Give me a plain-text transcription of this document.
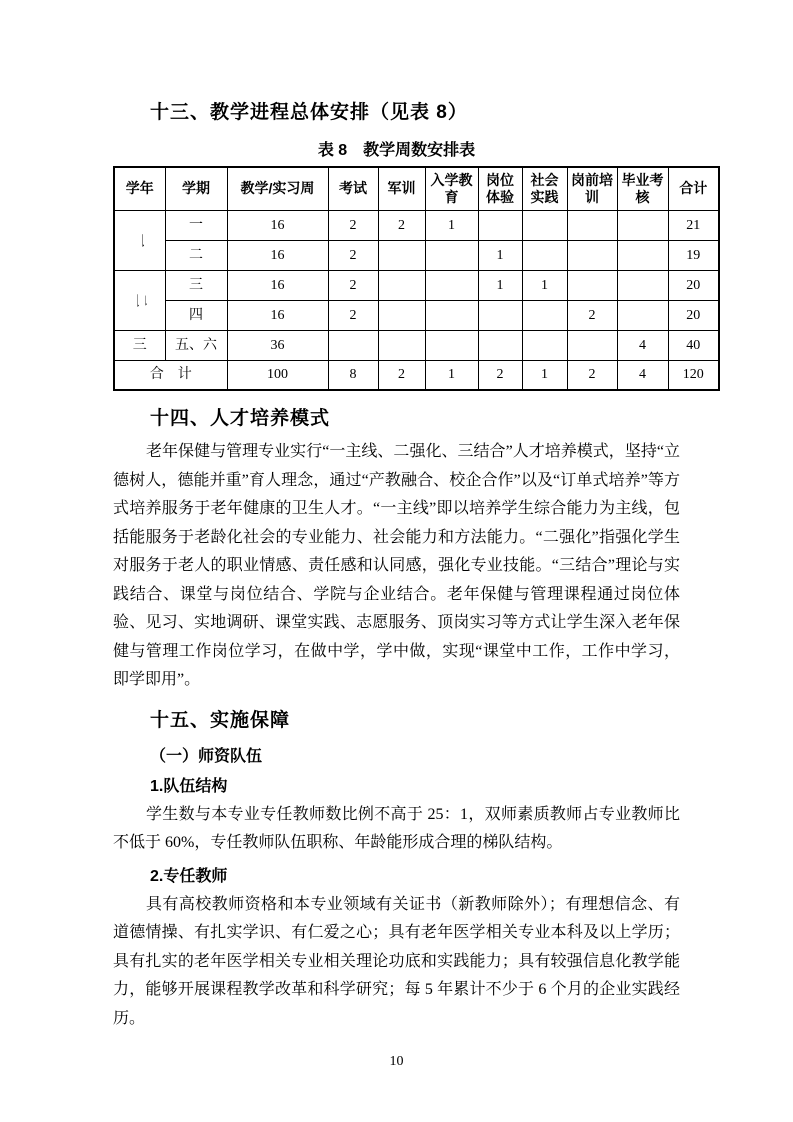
十三、教学进程总体安排（见表 8）
表 8　教学周数安排表
学年	学期	教学/实习周	考试	军训	入学教育	岗位体验	社会实践	岗前培训	毕业考核	合计
一	一	16	2	2	1					21
	二	16	2			1				19
二	三	16	2			1	1			20
	四	16	2					2		20
三	五、六	36							4	40
合　计		100	8	2	1	2	1	2	4	120
十四、人才培养模式
老年保健与管理专业实行“一主线、二强化、三结合”人才培养模式，坚持“立德树人，德能并重”育人理念，通过“产教融合、校企合作”以及“订单式培养”等方式培养服务于老年健康的卫生人才。“一主线”即以培养学生综合能力为主线，包括能服务于老龄化社会的专业能力、社会能力和方法能力。“二强化”指强化学生对服务于老人的职业情感、责任感和认同感，强化专业技能。“三结合”理论与实践结合、课堂与岗位结合、学院与企业结合。老年保健与管理课程通过岗位体验、见习、实地调研、课堂实践、志愿服务、顶岗实习等方式让学生深入老年保健与管理工作岗位学习，在做中学，学中做，实现“课堂中工作，工作中学习，即学即用”。
十五、实施保障
（一）师资队伍
1.队伍结构
学生数与本专业专任教师数比例不高于 25：1，双师素质教师占专业教师比不低于 60%，专任教师队伍职称、年龄能形成合理的梯队结构。
2.专任教师
具有高校教师资格和本专业领域有关证书（新教师除外）；有理想信念、有道德情操、有扎实学识、有仁爱之心；具有老年医学相关专业本科及以上学历；具有扎实的老年医学相关专业相关理论功底和实践能力；具有较强信息化教学能力，能够开展课程教学改革和科学研究；每 5 年累计不少于 6 个月的企业实践经历。
10
